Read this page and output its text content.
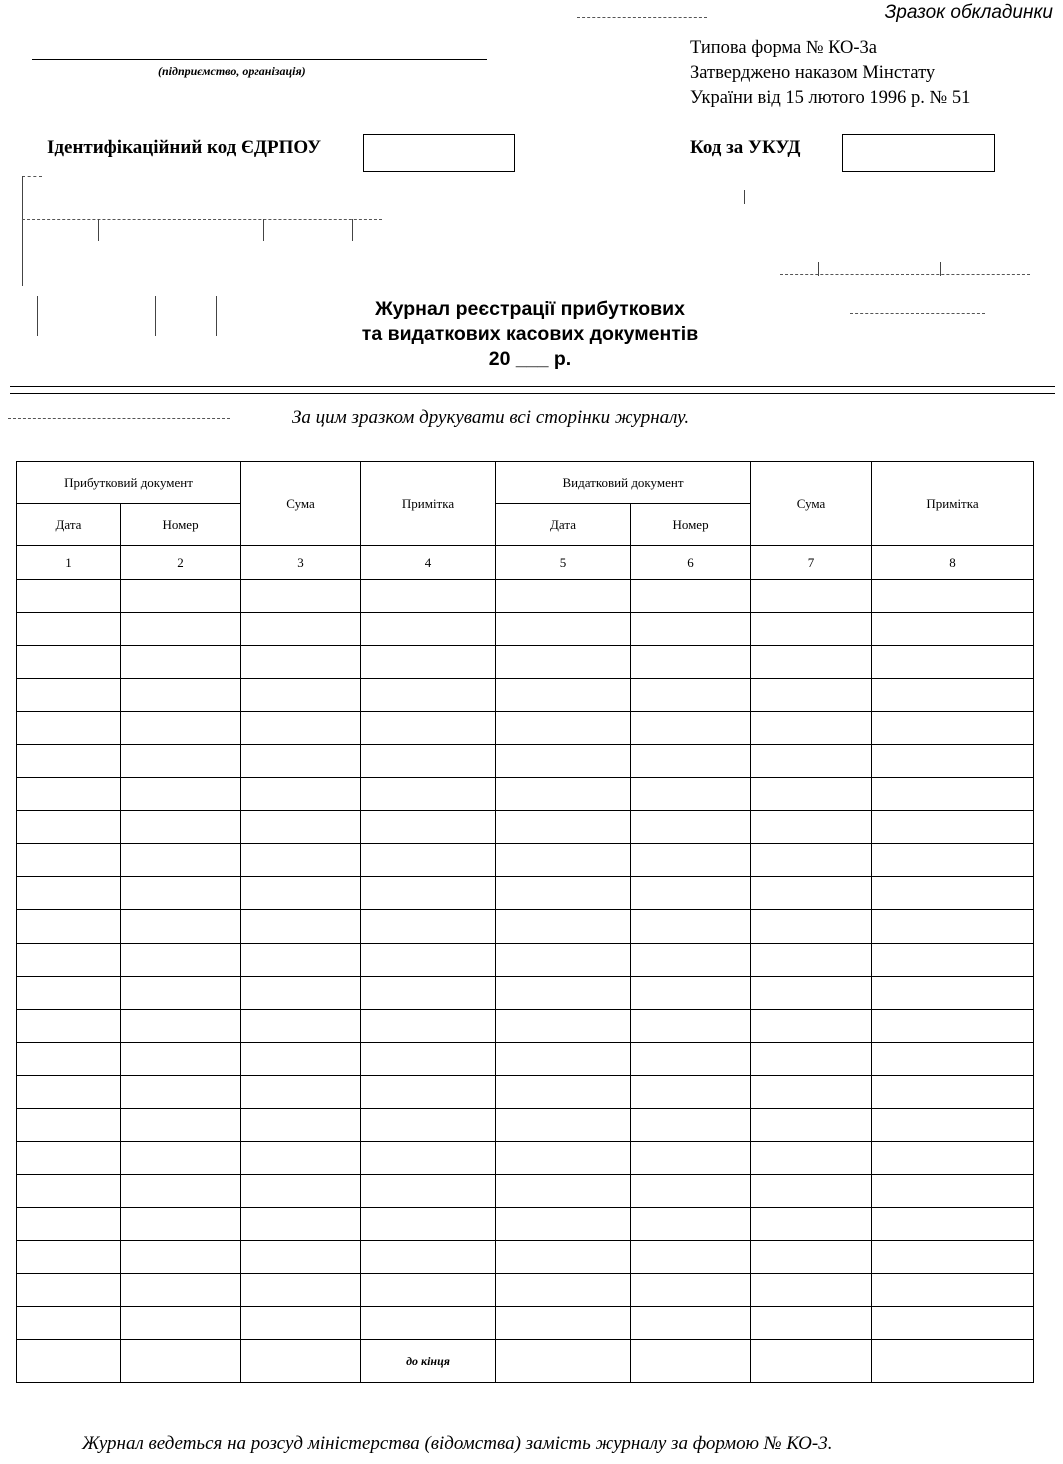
Зразок обкладинки
(підприємство, організація)
Типова форма № КО-3а
Затверджено наказом Мінстату
України від 15 лютого 1996 р. № 51
Ідентифікаційний код ЄДРПОУ	Код за УКУД
Журнал реєстрації прибуткових
та видаткових касових документів
20 ___ р.
За цим зразком друкувати всі сторінки журналу.
Прибутковий документ		Сума	Примітка	Видатковий документ		Сума	Примітка
Дата	Номер			Дата	Номер		
1	2	3	4	5	6	7	8

			до кінця				
Журнал ведеться на розсуд міністерства (відомства) замість журналу за формою № КО-3.
